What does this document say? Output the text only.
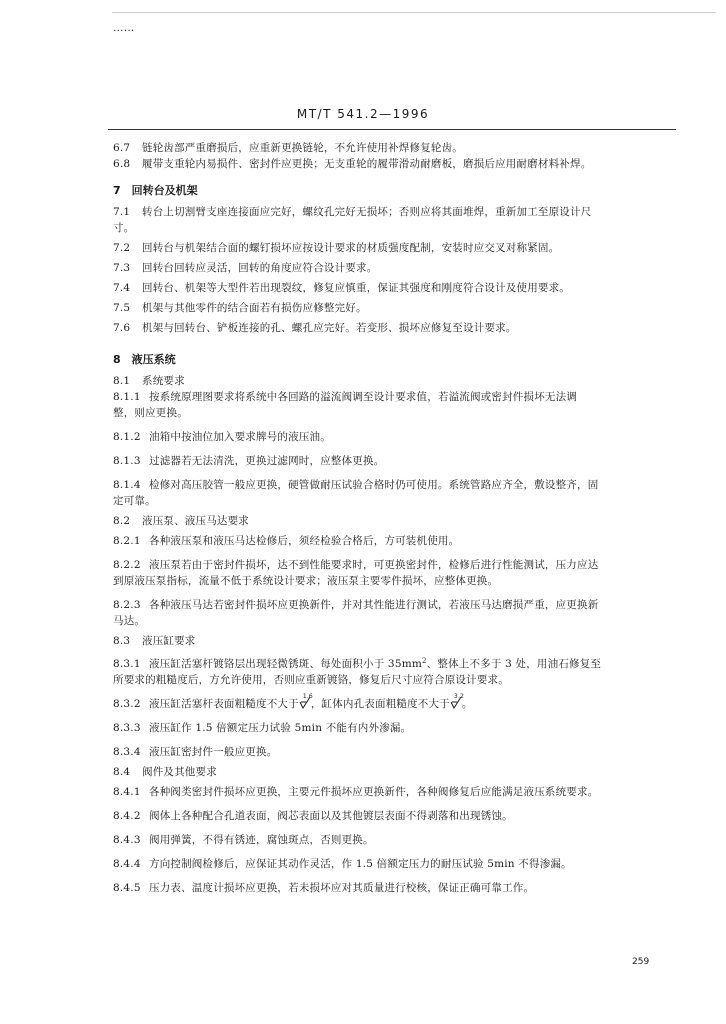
……
MT/T 541.2—1996
6.7 链轮齿部严重磨损后，应重新更换链轮，不允许使用补焊修复轮齿。
6.8 履带支重轮内易损件、密封件应更换；无支重轮的履带滑动耐磨板，磨损后应用耐磨材料补焊。
7　回转台及机架
7.1 转台上切割臂支座连接面应完好，螺纹孔完好无损坏；否则应将其面堆焊，重新加工至原设计尺
寸。
7.2 回转台与机架结合面的螺钉损坏应按设计要求的材质强度配制，安装时应交叉对称紧固。
7.3 回转台回转应灵活，回转的角度应符合设计要求。
7.4 回转台、机架等大型件若出现裂纹，修复应慎重，保证其强度和刚度符合设计及使用要求。
7.5 机架与其他零件的结合面若有损伤应修整完好。
7.6 机架与回转台、铲板连接的孔、螺孔应完好。若变形、损坏应修复至设计要求。
8　液压系统
8.1 系统要求
8.1.1 按系统原理图要求将系统中各回路的溢流阀调至设计要求值，若溢流阀或密封件损坏无法调
整，则应更换。
8.1.2 油箱中按油位加入要求牌号的液压油。
8.1.3 过滤器若无法清洗，更换过滤网时，应整体更换。
8.1.4 检修对高压胶管一般应更换，硬管做耐压试验合格时仍可使用。系统管路应齐全，敷设整齐，固
定可靠。
8.2 液压泵、液压马达要求
8.2.1 各种液压泵和液压马达检修后，须经检验合格后，方可装机使用。
8.2.2 液压泵若由于密封件损坏，达不到性能要求时，可更换密封件，检修后进行性能测试，压力应达
到原液压泵指标，流量不低于系统设计要求；液压泵主要零件损坏，应整体更换。
8.2.3 各种液压马达若密封件损坏应更换新件，并对其性能进行测试，若液压马达磨损严重，应更换新
马达。
8.3 液压缸要求
8.3.1 液压缸活塞杆镀铬层出现轻微锈斑、每处面积小于 $35mm^2$、整体上不多于 3 处，用油石修复至
所要求的粗糙度后，方允许使用，否则应重新镀铬，修复后尺寸应符合原设计要求。
8.3.2 液压缸活塞杆表面粗糙度不大于
1.6
，缸体内孔表面粗糙度不大于
3.2
。
8.3.3 液压缸作 1.5 倍额定压力试验 5min 不能有内外渗漏。
8.3.4 液压缸密封件一般应更换。
8.4 阀件及其他要求
8.4.1 各种阀类密封件损坏应更换，主要元件损坏应更换新件，各种阀修复后应能满足液压系统要求。
8.4.2 阀体上各种配合孔道表面，阀芯表面以及其他镀层表面不得剥落和出现锈蚀。
8.4.3 阀用弹簧，不得有锈迹，腐蚀斑点，否则更换。
8.4.4 方向控制阀检修后，应保证其动作灵活，作 1.5 倍额定压力的耐压试验 5min 不得渗漏。
8.4.5 压力表、温度计损坏应更换，若未损坏应对其质量进行校核，保证正确可靠工作。
259
